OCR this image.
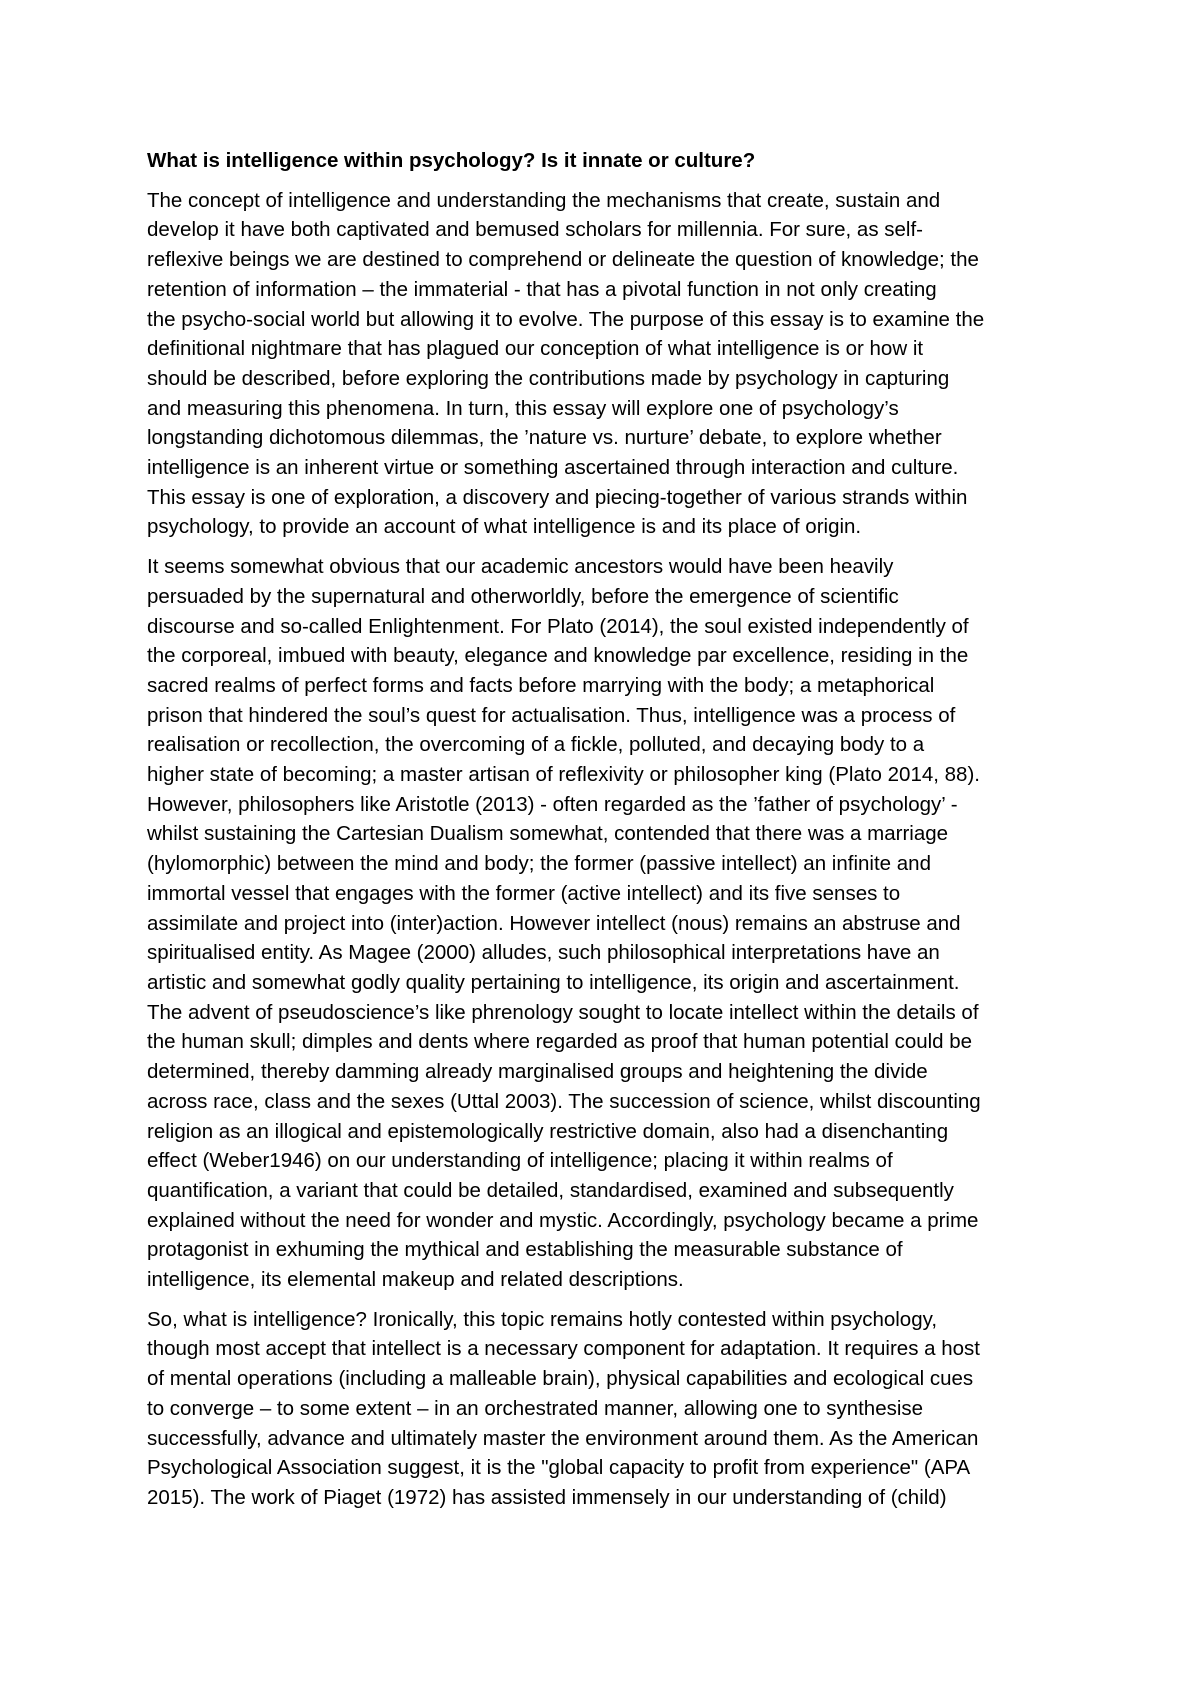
What is intelligence within psychology? Is it innate or culture?
The concept of intelligence and understanding the mechanisms that create, sustain and
develop it have both captivated and bemused scholars for millennia. For sure, as self-
reflexive beings we are destined to comprehend or delineate the question of knowledge; the
retention of information – the immaterial - that has a pivotal function in not only creating
the psycho-social world but allowing it to evolve. The purpose of this essay is to examine the
definitional nightmare that has plagued our conception of what intelligence is or how it
should be described, before exploring the contributions made by psychology in capturing
and measuring this phenomena. In turn, this essay will explore one of psychology’s
longstanding dichotomous dilemmas, the ’nature vs. nurture’ debate, to explore whether
intelligence is an inherent virtue or something ascertained through interaction and culture.
This essay is one of exploration, a discovery and piecing-together of various strands within
psychology, to provide an account of what intelligence is and its place of origin.
It seems somewhat obvious that our academic ancestors would have been heavily
persuaded by the supernatural and otherworldly, before the emergence of scientific
discourse and so-called Enlightenment. For Plato (2014), the soul existed independently of
the corporeal, imbued with beauty, elegance and knowledge par excellence, residing in the
sacred realms of perfect forms and facts before marrying with the body; a metaphorical
prison that hindered the soul’s quest for actualisation. Thus, intelligence was a process of
realisation or recollection, the overcoming of a fickle, polluted, and decaying body to a
higher state of becoming; a master artisan of reflexivity or philosopher king (Plato 2014, 88).
However, philosophers like Aristotle (2013) - often regarded as the ’father of psychology’ -
whilst sustaining the Cartesian Dualism somewhat, contended that there was a marriage
(hylomorphic) between the mind and body; the former (passive intellect) an infinite and
immortal vessel that engages with the former (active intellect) and its five senses to
assimilate and project into (inter)action. However intellect (nous) remains an abstruse and
spiritualised entity. As Magee (2000) alludes, such philosophical interpretations have an
artistic and somewhat godly quality pertaining to intelligence, its origin and ascertainment.
The advent of pseudoscience’s like phrenology sought to locate intellect within the details of
the human skull; dimples and dents where regarded as proof that human potential could be
determined, thereby damming already marginalised groups and heightening the divide
across race, class and the sexes (Uttal 2003). The succession of science, whilst discounting
religion as an illogical and epistemologically restrictive domain, also had a disenchanting
effect (Weber1946) on our understanding of intelligence; placing it within realms of
quantification, a variant that could be detailed, standardised, examined and subsequently
explained without the need for wonder and mystic. Accordingly, psychology became a prime
protagonist in exhuming the mythical and establishing the measurable substance of
intelligence, its elemental makeup and related descriptions.
So, what is intelligence? Ironically, this topic remains hotly contested within psychology,
though most accept that intellect is a necessary component for adaptation. It requires a host
of mental operations (including a malleable brain), physical capabilities and ecological cues
to converge – to some extent – in an orchestrated manner, allowing one to synthesise
successfully, advance and ultimately master the environment around them. As the American
Psychological Association suggest, it is the "global capacity to profit from experience" (APA
2015). The work of Piaget (1972) has assisted immensely in our understanding of (child)
